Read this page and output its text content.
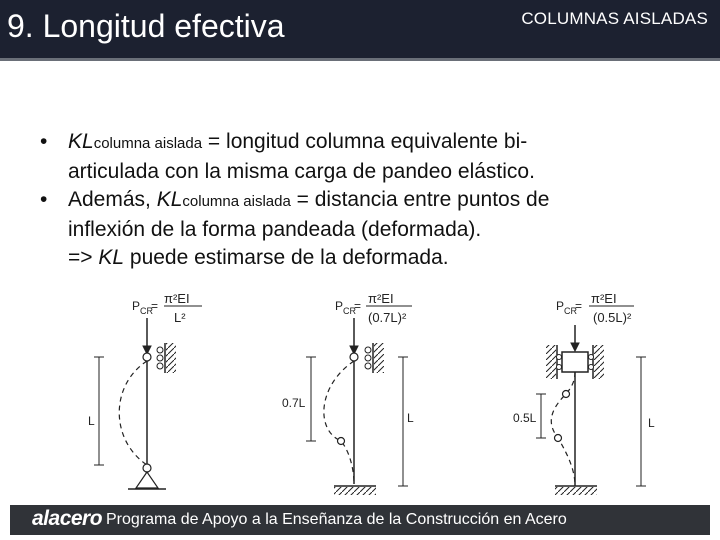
9. Longitud efectiva	COLUMNAS AISLADAS
• KLcolumna aislada = longitud columna equivalente bi-
articulada con la misma carga de pandeo elástico.
• Además, KLcolumna aislada = distancia entre puntos de
inflexión de la forma pandeada (deformada).
=> KL puede estimarse de la deformada.
P CR
= π²EI
L²
L
P CR
= π²EI
(0.7L)²
0.7L
L
P CR
= π²EI
(0.5L)²
0.5L	L
alacero Programa de Apoyo a la Enseñanza de la Construcción en Acero
